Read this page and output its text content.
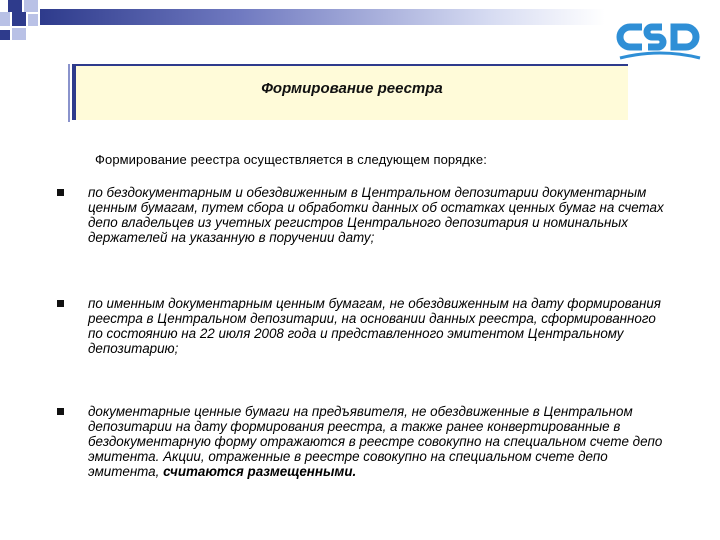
Формирование реестра
Формирование реестра осуществляется в следующем порядке:
по бездокументарным и обездвиженным в Центральном депозитарии документарным ценным бумагам, путем сбора и обработки данных об остатках ценных бумаг на счетах депо владельцев из учетных регистров Центрального депозитария и номинальных держателей на указанную в поручении дату;
по именным документарным ценным бумагам, не обездвиженным на дату формирования реестра в Центральном депозитарии, на основании данных реестра, сформированного по состоянию на 22 июля 2008 года и представленного эмитентом Центральному депозитарию;
документарные ценные бумаги на предъявителя, не обездвиженные в Центральном депозитарии на дату формирования реестра, а также ранее конвертированные в бездокументарную форму отражаются в реестре совокупно на специальном счете депо эмитента. Акции, отраженные в реестре совокупно на специальном счете депо эмитента, считаются размещенными.
